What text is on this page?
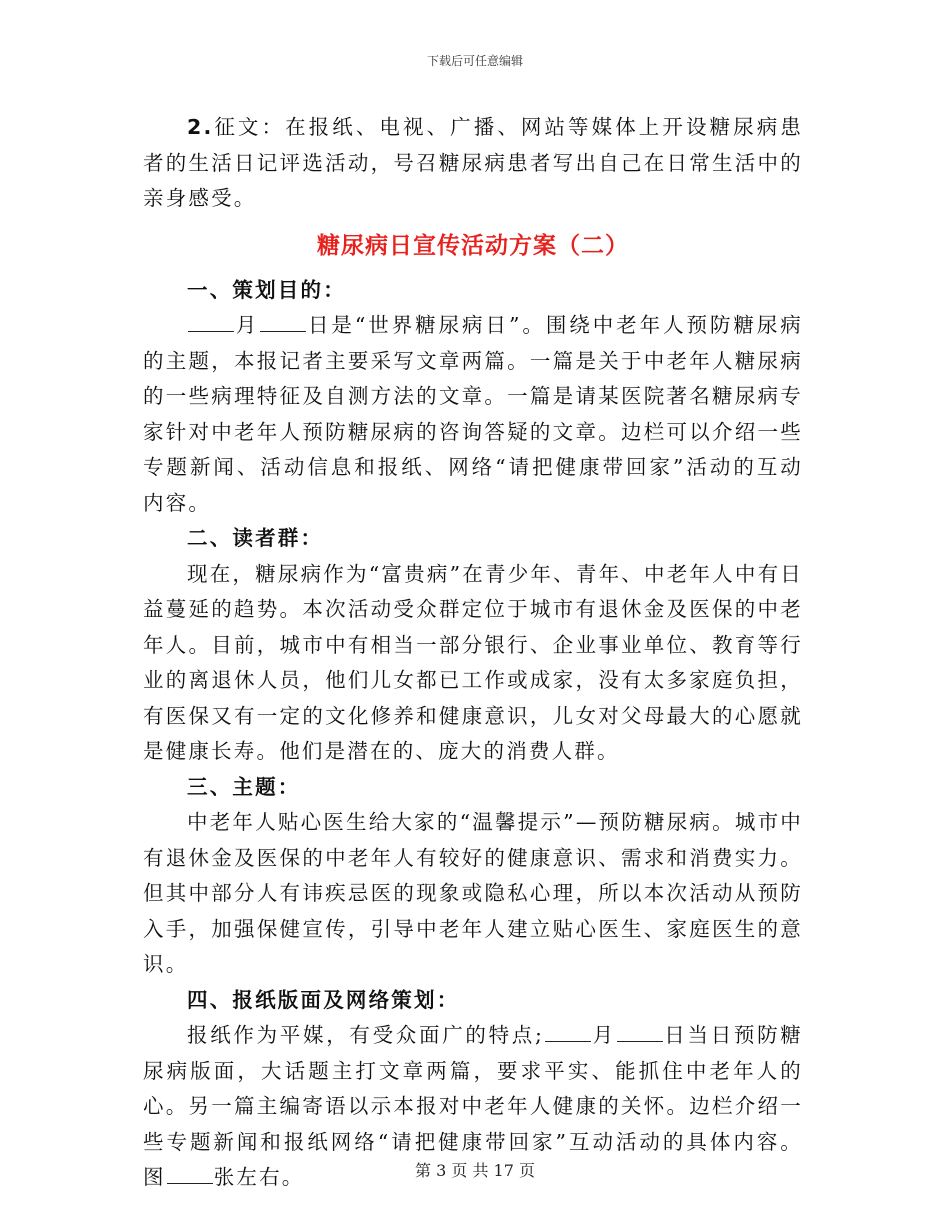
下载后可任意编辑

2.征文：在报纸、电视、广播、网站等媒体上开设糖尿病患者的生活日记评选活动，号召糖尿病患者写出自己在日常生活中的亲身感受。

糖尿病日宣传活动方案（二）

一、策划目的：

月 日是“世界糖尿病日”。围绕中老年人预防糖尿病的主题，本报记者主要采写文章两篇。一篇是关于中老年人糖尿病的一些病理特征及自测方法的文章。一篇是请某医院著名糖尿病专家针对中老年人预防糖尿病的咨询答疑的文章。边栏可以介绍一些专题新闻、活动信息和报纸、网络“请把健康带回家”活动的互动内容。

二、读者群：

现在，糖尿病作为“富贵病”在青少年、青年、中老年人中有日益蔓延的趋势。本次活动受众群定位于城市有退休金及医保的中老年人。目前，城市中有相当一部分银行、企业事业单位、教育等行业的离退休人员，他们儿女都已工作或成家，没有太多家庭负担，有医保又有一定的文化修养和健康意识，儿女对父母最大的心愿就是健康长寿。他们是潜在的、庞大的消费人群。

三、主题：

中老年人贴心医生给大家的“温馨提示”—预防糖尿病。城市中有退休金及医保的中老年人有较好的健康意识、需求和消费实力。但其中部分人有讳疾忌医的现象或隐私心理，所以本次活动从预防入手，加强保健宣传，引导中老年人建立贴心医生、家庭医生的意识。

四、报纸版面及网络策划：

报纸作为平媒，有受众面广的特点; 月 日当日预防糖尿病版面，大话题主打文章两篇，要求平实、能抓住中老年人的心。另一篇主编寄语以示本报对中老年人健康的关怀。边栏介绍一些专题新闻和报纸网络“请把健康带回家”互动活动的具体内容。图 张左右。	第 3 页 共 17 页
